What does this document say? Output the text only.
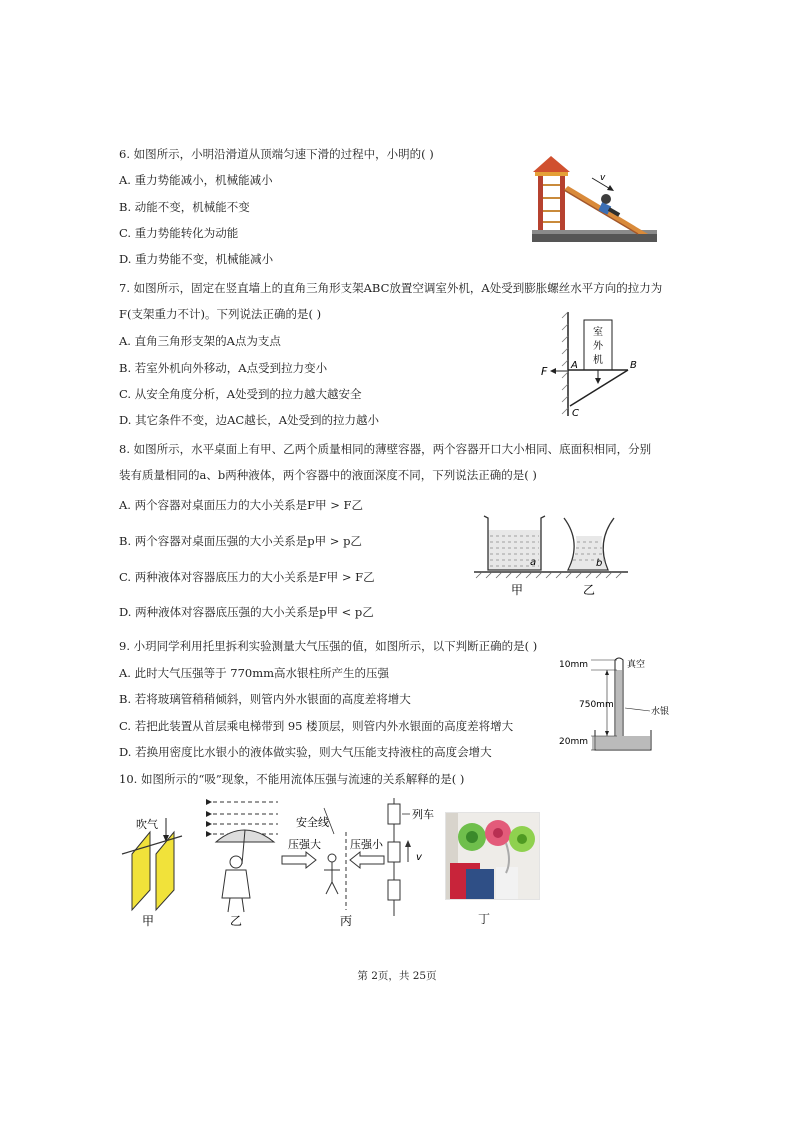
6. 如图所示，小明沿滑道从顶端匀速下滑的过程中，小明的( )
A. 重力势能减小，机械能减小
B. 动能不变，机械能不变
C. 重力势能转化为动能
D. 重力势能不变，机械能减小
v
7. 如图所示，固定在竖直墙上的直角三角形支架ABC放置空调室外机，A处受到膨胀螺丝水平方向的拉力为
F(支架重力不计)。下列说法正确的是( )
A. 直角三角形支架的A点为支点
B. 若室外机向外移动，A点受到拉力变小
C. 从安全角度分析，A处受到的拉力越大越安全
D. 其它条件不变，边AC越长，A处受到的拉力越小
室
外
机
F A	B
C
8. 如图所示，水平桌面上有甲、乙两个质量相同的薄壁容器，两个容器开口大小相同、底面积相同，分别
装有质量相同的a、b两种液体，两个容器中的液面深度不同，下列说法正确的是( )
A. 两个容器对桌面压力的大小关系是F甲 > F乙
B. 两个容器对桌面压强的大小关系是p甲 > p乙
C. 两种液体对容器底压力的大小关系是F甲 > F乙
D. 两种液体对容器底压强的大小关系是p甲 < p乙
a	b
甲	乙
9. 小玥同学利用托里拆利实验测量大气压强的值，如图所示，以下判断正确的是( )
A. 此时大气压强等于 770mm高水银柱所产生的压强
B. 若将玻璃管稍稍倾斜，则管内外水银面的高度差将增大
C. 若把此装置从首层乘电梯带到 95 楼顶层，则管内外水银面的高度差将增大
D. 若换用密度比水银小的液体做实验，则大气压能支持液柱的高度会增大
10mm	真空
750mm
水银
20mm
10. 如图所示的“吸”现象，不能用流体压强与流速的关系解释的是( )
吹气
甲	乙
安全线
压强大	压强小
丙
列车
v
丁
第 2页，共 25页
